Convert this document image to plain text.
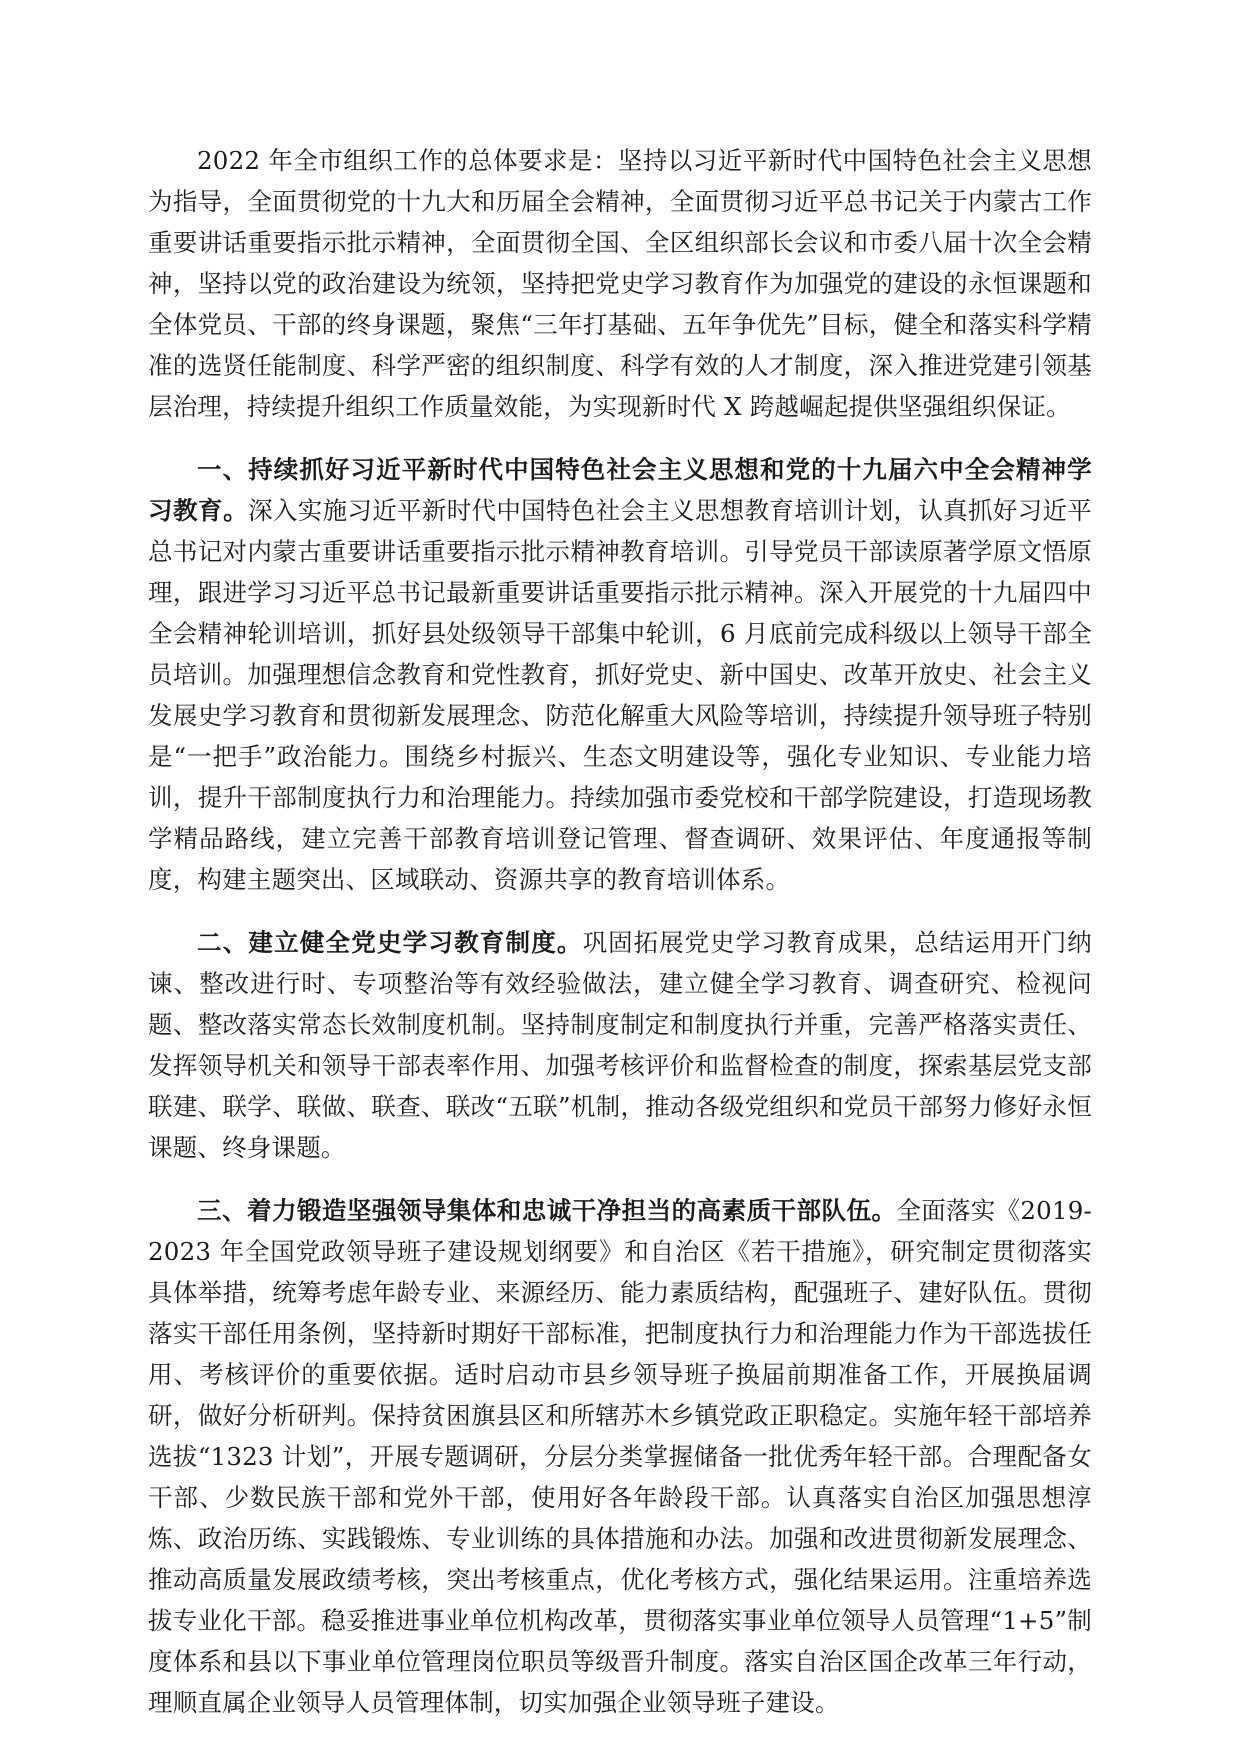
2022 年全市组织工作的总体要求是：坚持以习近平新时代中国特色社会主义思想为指导，全面贯彻党的十九大和历届全会精神，全面贯彻习近平总书记关于内蒙古工作重要讲话重要指示批示精神，全面贯彻全国、全区组织部长会议和市委八届十次全会精神，坚持以党的政治建设为统领，坚持把党史学习教育作为加强党的建设的永恒课题和全体党员、干部的终身课题，聚焦“三年打基础、五年争优先”目标，健全和落实科学精准的选贤任能制度、科学严密的组织制度、科学有效的人才制度，深入推进党建引领基层治理，持续提升组织工作质量效能，为实现新时代 X 跨越崛起提供坚强组织保证。

一、持续抓好习近平新时代中国特色社会主义思想和党的十九届六中全会精神学习教育。深入实施习近平新时代中国特色社会主义思想教育培训计划，认真抓好习近平总书记对内蒙古重要讲话重要指示批示精神教育培训。引导党员干部读原著学原文悟原理，跟进学习习近平总书记最新重要讲话重要指示批示精神。深入开展党的十九届四中全会精神轮训培训，抓好县处级领导干部集中轮训，6 月底前完成科级以上领导干部全员培训。加强理想信念教育和党性教育，抓好党史、新中国史、改革开放史、社会主义发展史学习教育和贯彻新发展理念、防范化解重大风险等培训，持续提升领导班子特别是“一把手”政治能力。围绕乡村振兴、生态文明建设等，强化专业知识、专业能力培训，提升干部制度执行力和治理能力。持续加强市委党校和干部学院建设，打造现场教学精品路线，建立完善干部教育培训登记管理、督查调研、效果评估、年度通报等制度，构建主题突出、区域联动、资源共享的教育培训体系。

二、建立健全党史学习教育制度。巩固拓展党史学习教育成果，总结运用开门纳谏、整改进行时、专项整治等有效经验做法，建立健全学习教育、调查研究、检视问题、整改落实常态长效制度机制。坚持制度制定和制度执行并重，完善严格落实责任、发挥领导机关和领导干部表率作用、加强考核评价和监督检查的制度，探索基层党支部联建、联学、联做、联查、联改“五联”机制，推动各级党组织和党员干部努力修好永恒课题、终身课题。

三、着力锻造坚强领导集体和忠诚干净担当的高素质干部队伍。全面落实《2019-2023 年全国党政领导班子建设规划纲要》和自治区《若干措施》，研究制定贯彻落实具体举措，统筹考虑年龄专业、来源经历、能力素质结构，配强班子、建好队伍。贯彻落实干部任用条例，坚持新时期好干部标准，把制度执行力和治理能力作为干部选拔任用、考核评价的重要依据。适时启动市县乡领导班子换届前期准备工作，开展换届调研，做好分析研判。保持贫困旗县区和所辖苏木乡镇党政正职稳定。实施年轻干部培养选拔“1323 计划”，开展专题调研，分层分类掌握储备一批优秀年轻干部。合理配备女干部、少数民族干部和党外干部，使用好各年龄段干部。认真落实自治区加强思想淳炼、政治历练、实践锻炼、专业训练的具体措施和办法。加强和改进贯彻新发展理念、推动高质量发展政绩考核，突出考核重点，优化考核方式，强化结果运用。注重培养选拔专业化干部。稳妥推进事业单位机构改革，贯彻落实事业单位领导人员管理“1+5”制度体系和县以下事业单位管理岗位职员等级晋升制度。落实自治区国企改革三年行动，理顺直属企业领导人员管理体制，切实加强企业领导班子建设。
